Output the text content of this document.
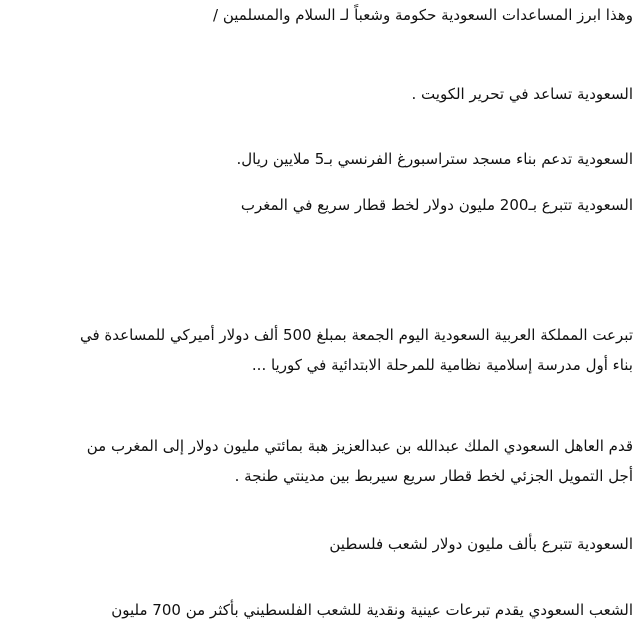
وهذا ابرز المساعدات السعودية حكومة وشعباً لـ السلام والمسلمين /
السعودية تساعد في تحرير الكويت .
السعودية تدعم بناء مسجد ستراسبورغ الفرنسي بـ5 ملايين ريال.
السعودية تتبرع بـ200 مليون دولار لخط قطار سريع في المغرب
تبرعت المملكة العربية السعودية اليوم الجمعة بمبلغ 500 ألف دولار أميركي للمساعدة في
بناء أول مدرسة إسلامية نظامية للمرحلة الابتدائية في كوريا ...
قدم العاهل السعودي الملك عبدالله بن عبدالعزيز هبة بمائتي مليون دولار إلى المغرب من
أجل التمويل الجزئي لخط قطار سريع سيربط بين مدينتي طنجة .
السعودية تتبرع بألف مليون دولار لشعب فلسطين
الشعب السعودي يقدم تبرعات عينية ونقدية للشعب الفلسطيني بأكثر من 700 مليون
